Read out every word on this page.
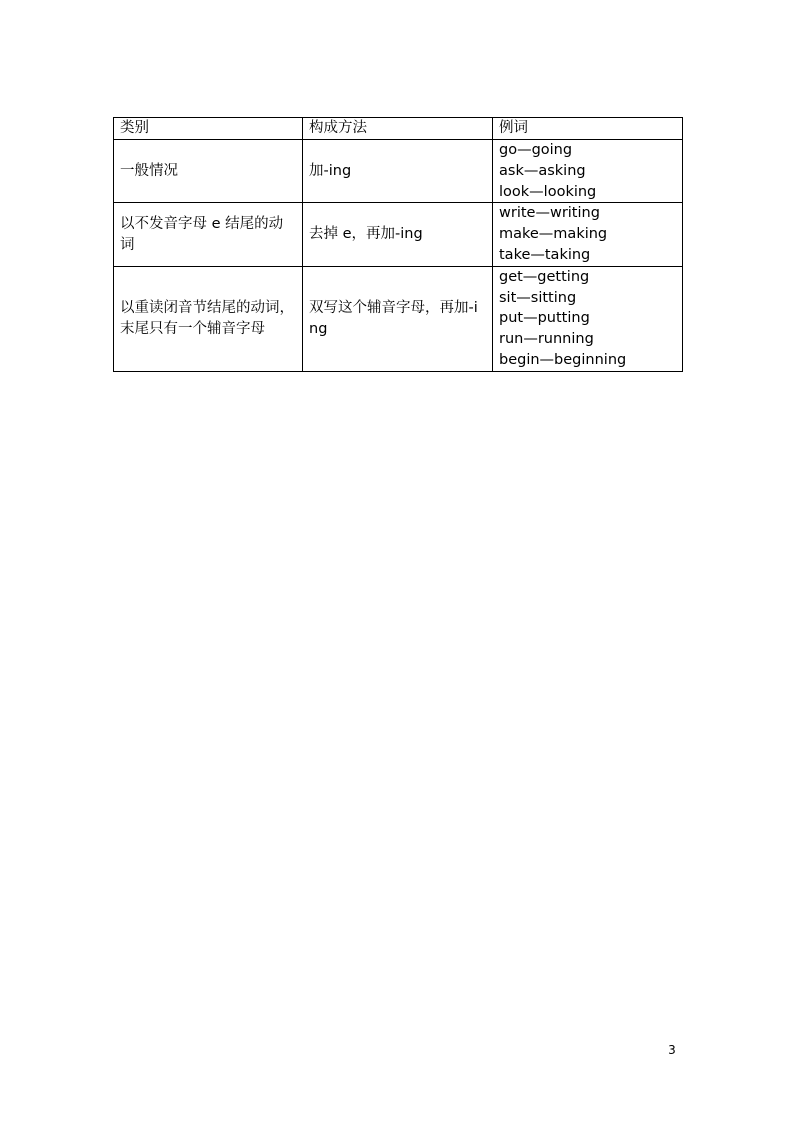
类别	构成方法	例词
一般情况	加-ing	go—going
ask—asking
look—looking

以不发音字母 e 结尾的动词	去掉 e，再加-ing	write—writing
make—making
take—taking

以重读闭音节结尾的动词，末尾只有一个辅音字母	双写这个辅音字母，再加-ing	get—getting
sit—sitting
put—putting
run—running
begin—beginning
3
